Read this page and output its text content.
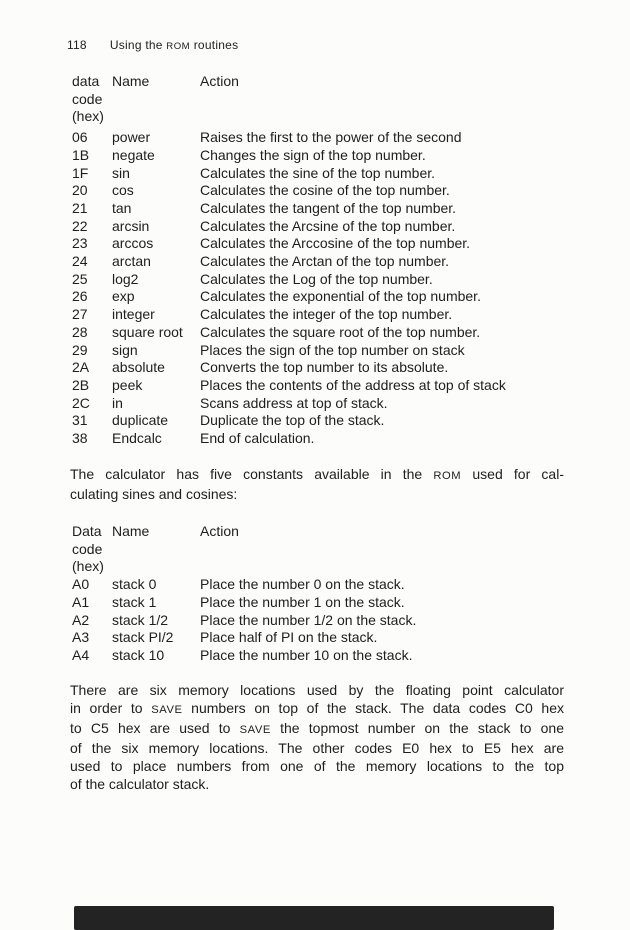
118 Using the ROM routines
data Name	Action
code
(hex)
06	power	Raises the first to the power of the second
1B	negate	Changes the sign of the top number.
1F	sin	Calculates the sine of the top number.
20	cos	Calculates the cosine of the top number.
21	tan	Calculates the tangent of the top number.
22	arcsin	Calculates the Arcsine of the top number.
23	arccos	Calculates the Arccosine of the top number.
24	arctan	Calculates the Arctan of the top number.
25	log2	Calculates the Log of the top number.
26	exp	Calculates the exponential of the top number.
27	integer	Calculates the integer of the top number.
28	square root	Calculates the square root of the top number.
29	sign	Places the sign of the top number on stack
2A	absolute	Converts the top number to its absolute.
2B	peek	Places the contents of the address at top of stack
2C	in	Scans address at top of stack.
31	duplicate	Duplicate the top of the stack.
38	Endcalc	End of calculation.
The calculator has five constants available in the ROM used for cal-
culating sines and cosines:
Data Name	Action
code
(hex)
A0	stack 0	Place the number 0 on the stack.
A1	stack 1	Place the number 1 on the stack.
A2	stack 1/2	Place the number 1/2 on the stack.
A3	stack PI/2	Place half of PI on the stack.
A4	stack 10	Place the number 10 on the stack.
There are six memory locations used by the floating point calculator
in order to SAVE numbers on top of the stack. The data codes C0 hex
to C5 hex are used to SAVE the topmost number on the stack to one
of the six memory locations. The other codes E0 hex to E5 hex are
used to place numbers from one of the memory locations to the top
of the calculator stack.
